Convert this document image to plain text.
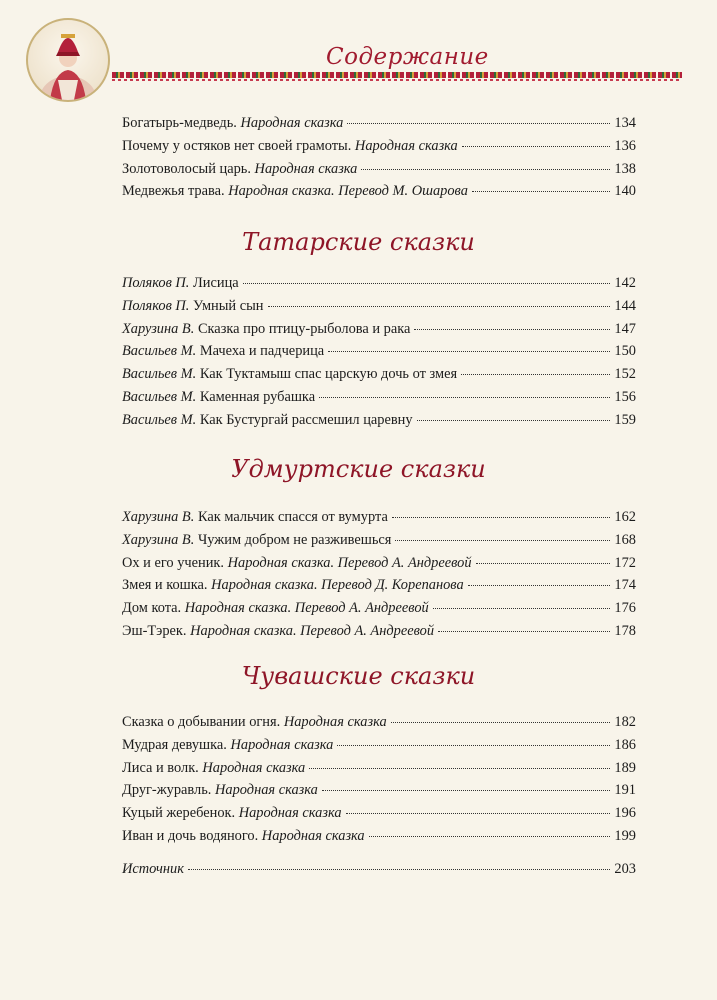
Содержание
Богатырь-медведь. Народная сказка	134
Почему у остяков нет своей грамоты. Народная сказка	136
Золотоволосый царь. Народная сказка	138
Медвежья трава. Народная сказка. Перевод М. Ошарова	140
Татарские сказки
Поляков П. Лисица	142
Поляков П. Умный сын	144
Харузина В. Сказка про птицу-рыболова и рака	147
Васильев М. Мачеха и падчерица	150
Васильев М. Как Туктамыш спас царскую дочь от змея	152
Васильев М. Каменная рубашка	156
Васильев М. Как Бустургай рассмешил царевну	159
Удмуртские сказки
Харузина В. Как мальчик спасся от вумурта	162
Харузина В. Чужим добром не разживешься	168
Ох и его ученик. Народная сказка. Перевод А. Андреевой	172
Змея и кошка. Народная сказка. Перевод Д. Корепанова	174
Дом кота. Народная сказка. Перевод А. Андреевой	176
Эш-Тэрек. Народная сказка. Перевод А. Андреевой	178
Чувашские сказки
Сказка о добывании огня. Народная сказка	182
Мудрая девушка. Народная сказка	186
Лиса и волк. Народная сказка	189
Друг-журавль. Народная сказка	191
Куцый жеребенок. Народная сказка	196
Иван и дочь водяного. Народная сказка	199
Источник	203
